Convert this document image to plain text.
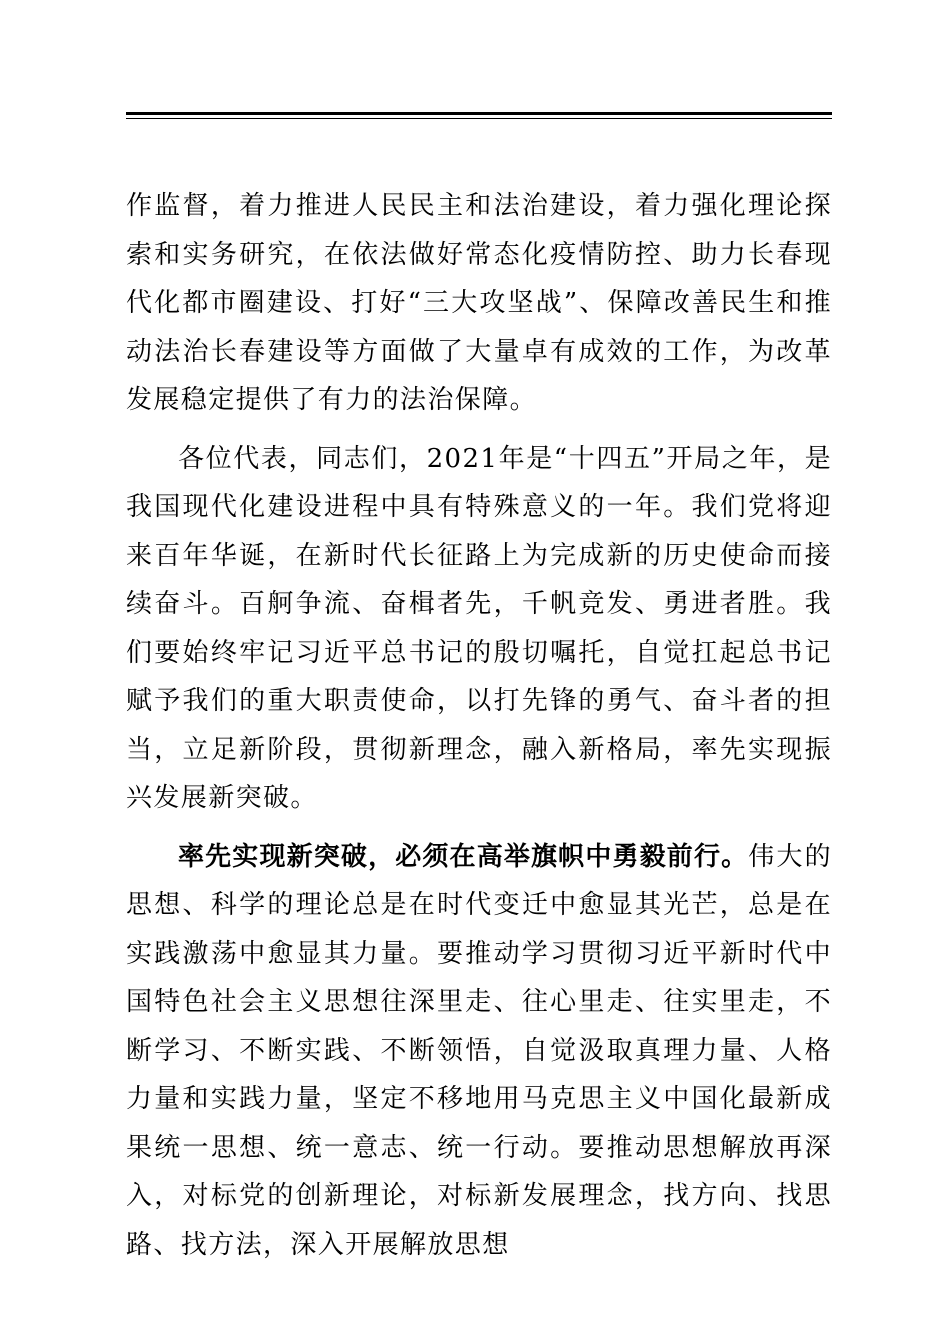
作监督，着力推进人民民主和法治建设，着力强化理论探索和实务研究，在依法做好常态化疫情防控、助力长春现代化都市圈建设、打好“三大攻坚战”、保障改善民生和推动法治长春建设等方面做了大量卓有成效的工作，为改革发展稳定提供了有力的法治保障。

各位代表，同志们，2021年是“十四五”开局之年，是我国现代化建设进程中具有特殊意义的一年。我们党将迎来百年华诞，在新时代长征路上为完成新的历史使命而接续奋斗。百舸争流、奋楫者先，千帆竞发、勇进者胜。我们要始终牢记习近平总书记的殷切嘱托，自觉扛起总书记赋予我们的重大职责使命，以打先锋的勇气、奋斗者的担当，立足新阶段，贯彻新理念，融入新格局，率先实现振兴发展新突破。

率先实现新突破，必须在高举旗帜中勇毅前行。伟大的思想、科学的理论总是在时代变迁中愈显其光芒，总是在实践激荡中愈显其力量。要推动学习贯彻习近平新时代中国特色社会主义思想往深里走、往心里走、往实里走，不断学习、不断实践、不断领悟，自觉汲取真理力量、人格力量和实践力量，坚定不移地用马克思主义中国化最新成果统一思想、统一意志、统一行动。要推动思想解放再深入，对标党的创新理论，对标新发展理念，找方向、找思路、找方法，深入开展解放思想
